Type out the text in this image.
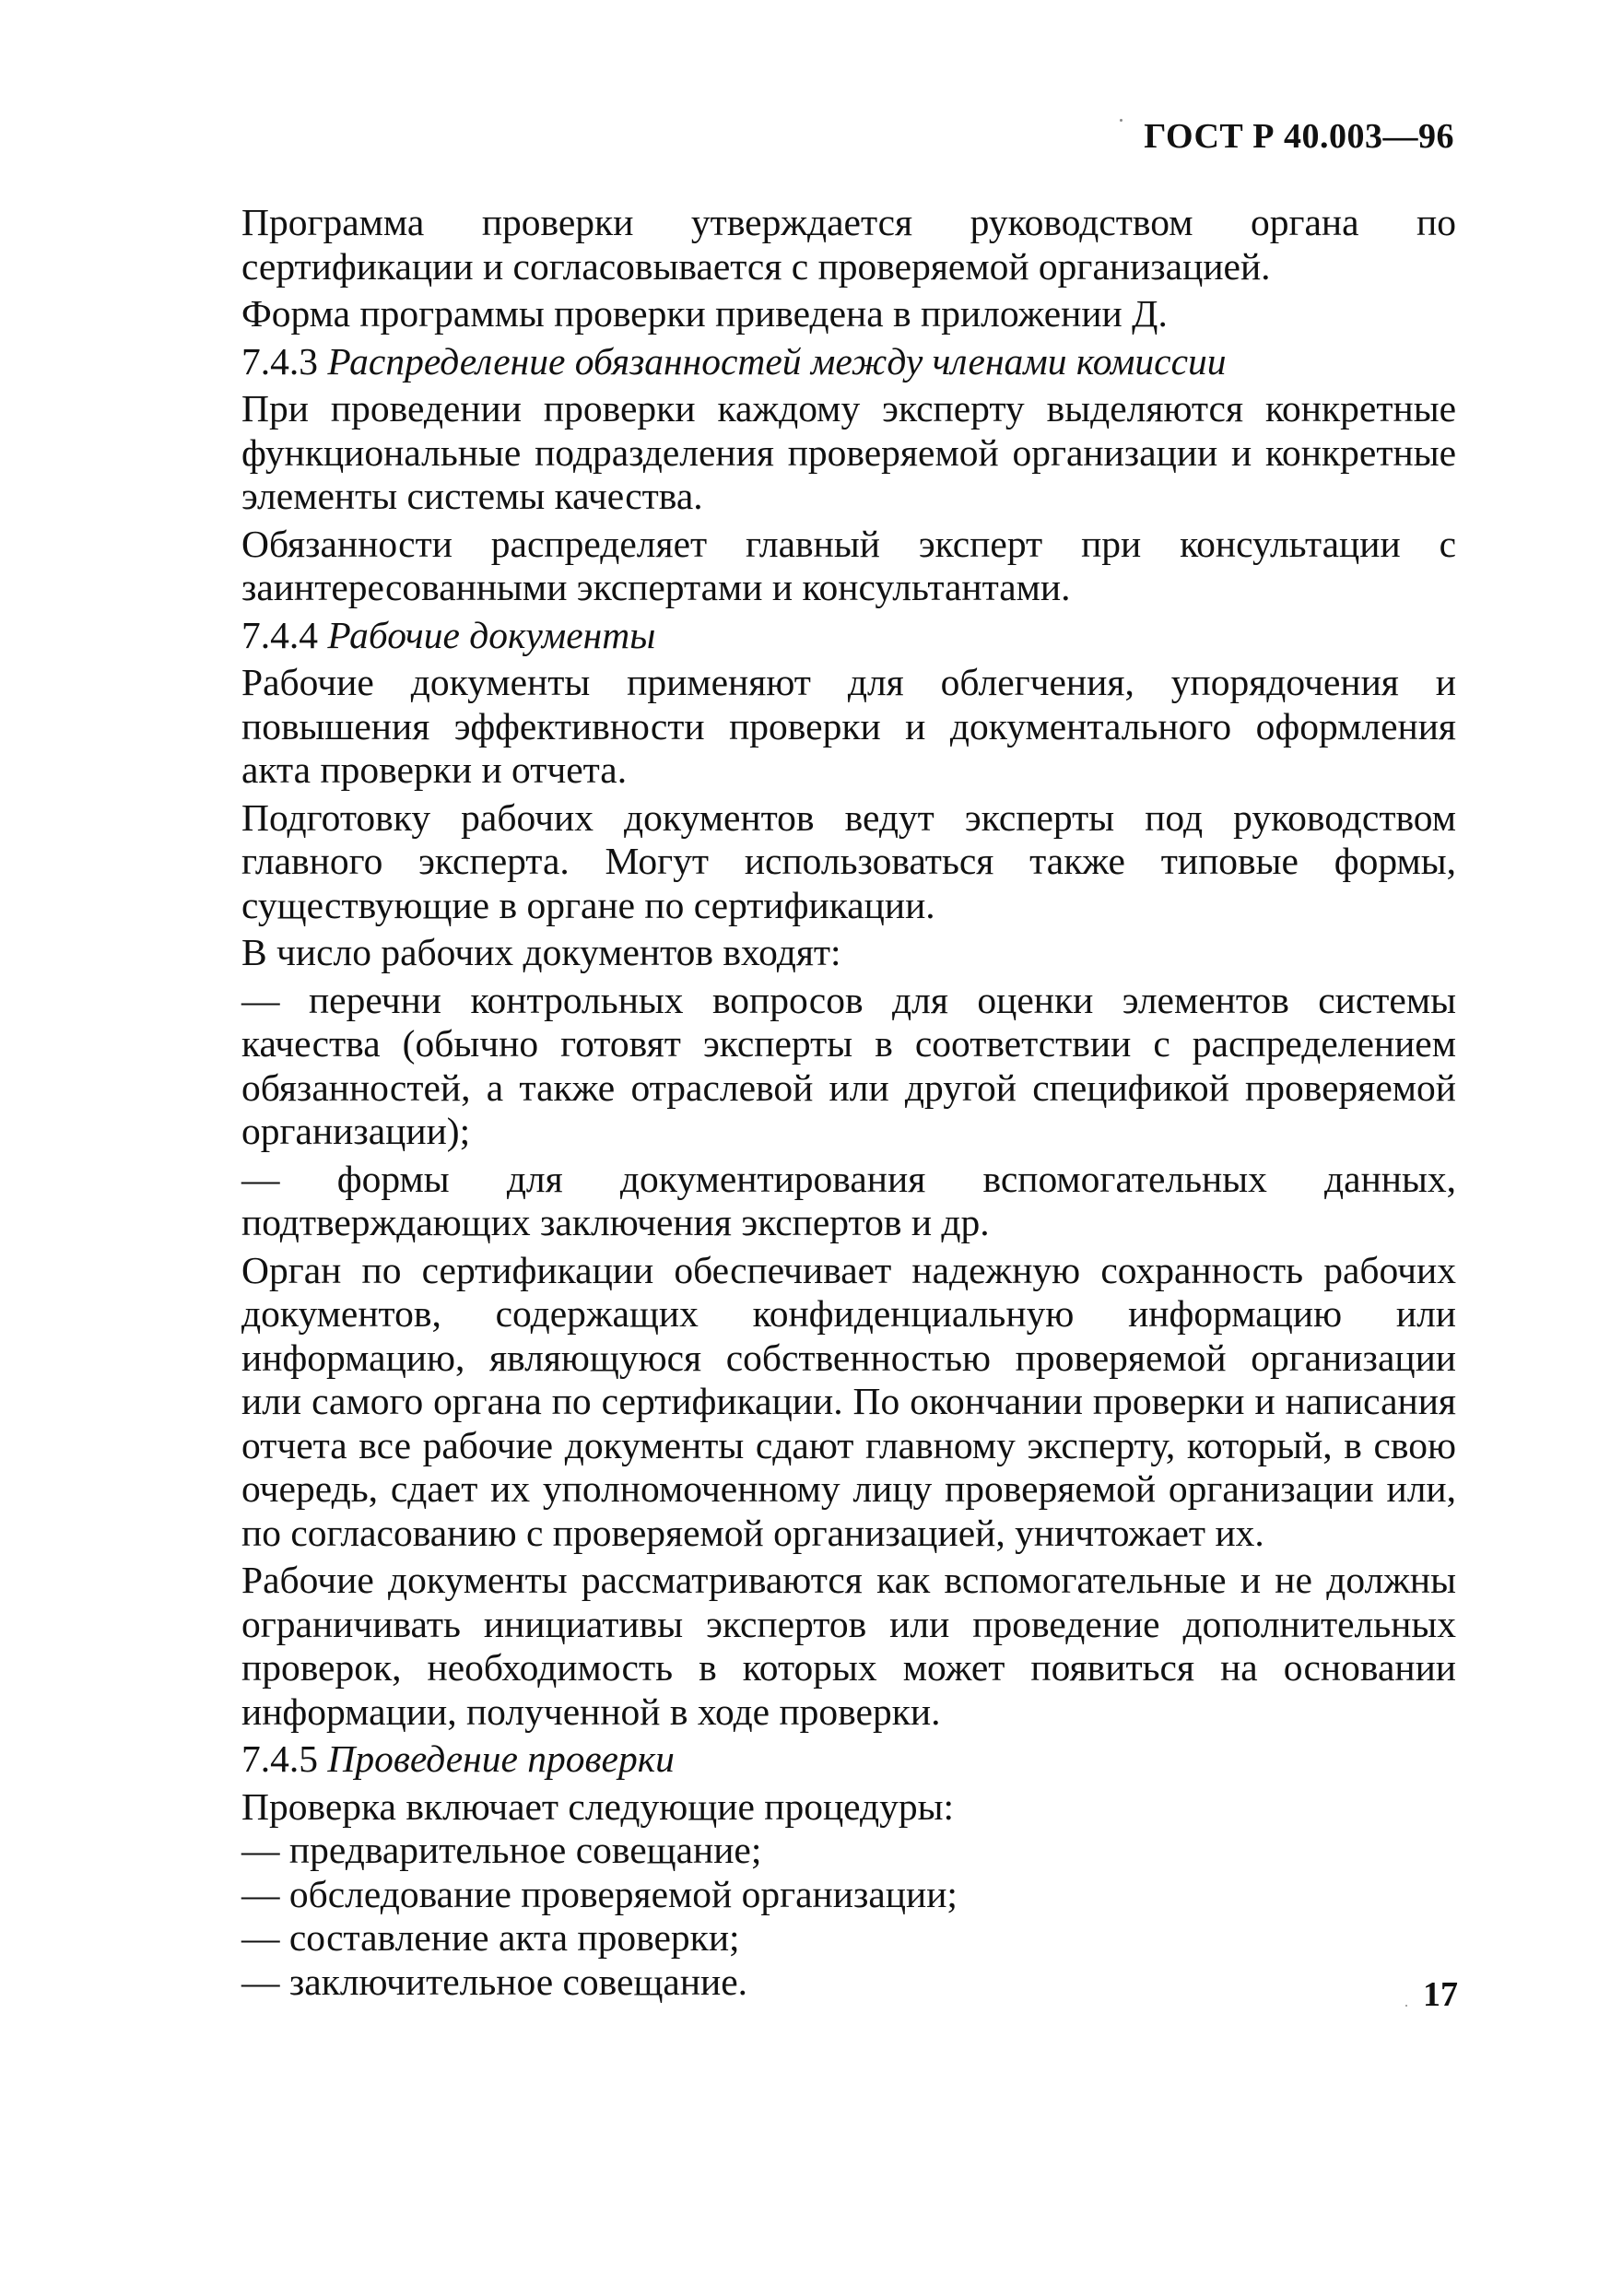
ГОСТ Р 40.003—96

Программа проверки утверждается руководством органа по сертификации и согласовывается с проверяемой организацией.

Форма программы проверки приведена в приложении Д.

7.4.3 Распределение обязанностей между членами комиссии

При проведении проверки каждому эксперту выделяются конкретные функциональные подразделения проверяемой организации и конкретные элементы системы качества.

Обязанности распределяет главный эксперт при консультации с заинтересованными экспертами и консультантами.

7.4.4 Рабочие документы

Рабочие документы применяют для облегчения, упорядочения и повышения эффективности проверки и документального оформления акта проверки и отчета.

Подготовку рабочих документов ведут эксперты под руководством главного эксперта. Могут использоваться также типовые формы, существующие в органе по сертификации.

В число рабочих документов входят:

— перечни контрольных вопросов для оценки элементов системы качества (обычно готовят эксперты в соответствии с распределением обязанностей, а также отраслевой или другой спецификой проверяемой организации);

— формы для документирования вспомогательных данных, подтверждающих заключения экспертов и др.

Орган по сертификации обеспечивает надежную сохранность рабочих документов, содержащих конфиденциальную информацию или информацию, являющуюся собственностью проверяемой организации или самого органа по сертификации. По окончании проверки и написания отчета все рабочие документы сдают главному эксперту, который, в свою очередь, сдает их уполномоченному лицу проверяемой организации или, по согласованию с проверяемой организацией, уничтожает их.

Рабочие документы рассматриваются как вспомогательные и не должны ограничивать инициативы экспертов или проведение дополнительных проверок, необходимость в которых может появиться на основании информации, полученной в ходе проверки.

7.4.5 Проведение проверки

Проверка включает следующие процедуры:

— предварительное совещание;
— обследование проверяемой организации;
— составление акта проверки;
— заключительное совещание.	17
